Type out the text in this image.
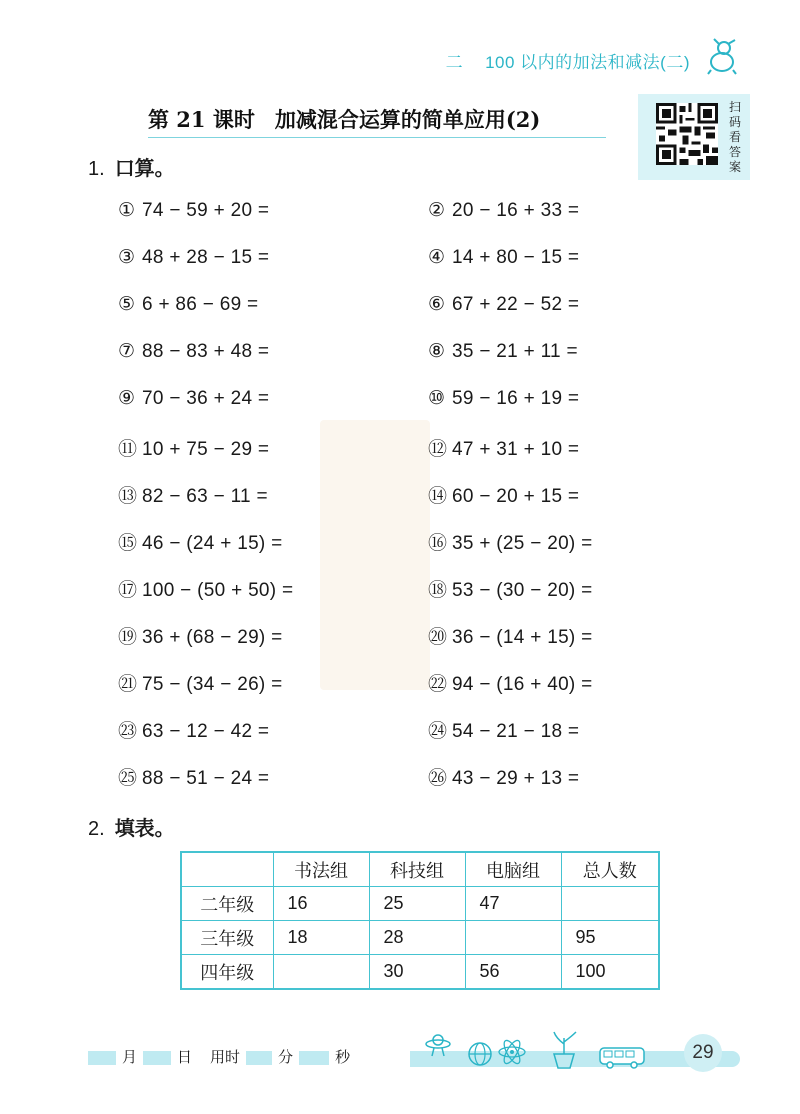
二 100 以内的加法和减法(二)
第 21 课时 加减混合运算的简单应用(2)	扫
码
看
答
案
1. 口算。
① 74 − 59 + 20 =	② 20 − 16 + 33 =
③ 48 + 28 − 15 =	④ 14 + 80 − 15 =
⑤ 6 + 86 − 69 =	⑥ 67 + 22 − 52 =
⑦ 88 − 83 + 48 =	⑧ 35 − 21 + 11 =
⑨ 70 − 36 + 24 =	⑩ 59 − 16 + 19 =
⑪ 10 + 75 − 29 =	⑫ 47 + 31 + 10 =
⑬ 82 − 63 − 11 =	⑭ 60 − 20 + 15 =
⑮ 46 − (24 + 15) =	⑯ 35 + (25 − 20) =
⑰ 100 − (50 + 50) =	⑱ 53 − (30 − 20) =
⑲ 36 + (68 − 29) =	⑳ 36 − (14 + 15) =
㉑ 75 − (34 − 26) =	㉒ 94 − (16 + 40) =
㉓ 63 − 12 − 42 =	㉔ 54 − 21 − 18 =
㉕ 88 − 51 − 24 =	㉖ 43 − 29 + 13 =
2. 填表。
	书法组	科技组	电脑组	总人数
二年级	16	25	47	
三年级	18	28		95
四年级		30	56	100
月	日 用时	分	秒	29
